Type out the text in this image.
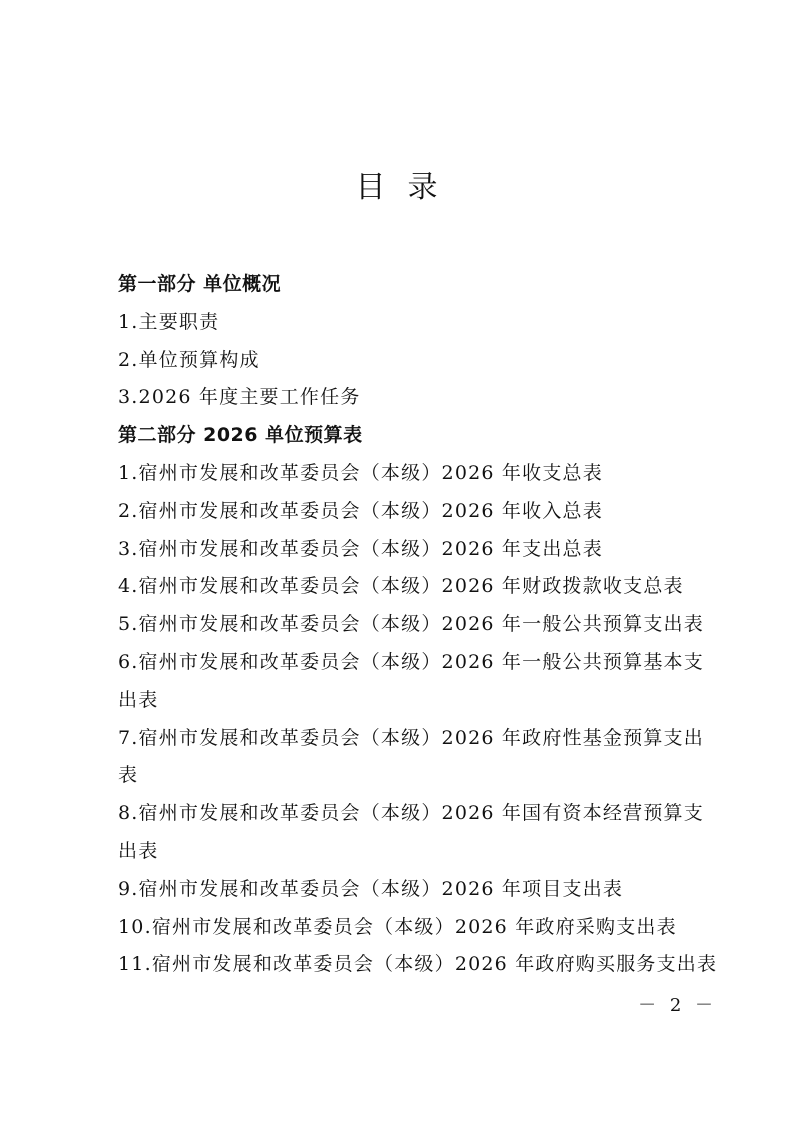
目录
第一部分 单位概况
1.主要职责
2.单位预算构成
3.2026 年度主要工作任务
第二部分 2026 单位预算表
1.宿州市发展和改革委员会（本级）2026 年收支总表
2.宿州市发展和改革委员会（本级）2026 年收入总表
3.宿州市发展和改革委员会（本级）2026 年支出总表
4.宿州市发展和改革委员会（本级）2026 年财政拨款收支总表
5.宿州市发展和改革委员会（本级）2026 年一般公共预算支出表
6.宿州市发展和改革委员会（本级）2026 年一般公共预算基本支
出表
7.宿州市发展和改革委员会（本级）2026 年政府性基金预算支出
表
8.宿州市发展和改革委员会（本级）2026 年国有资本经营预算支
出表
9.宿州市发展和改革委员会（本级）2026 年项目支出表
10.宿州市发展和改革委员会（本级）2026 年政府采购支出表
11.宿州市发展和改革委员会（本级）2026 年政府购买服务支出表
－ 2 －
